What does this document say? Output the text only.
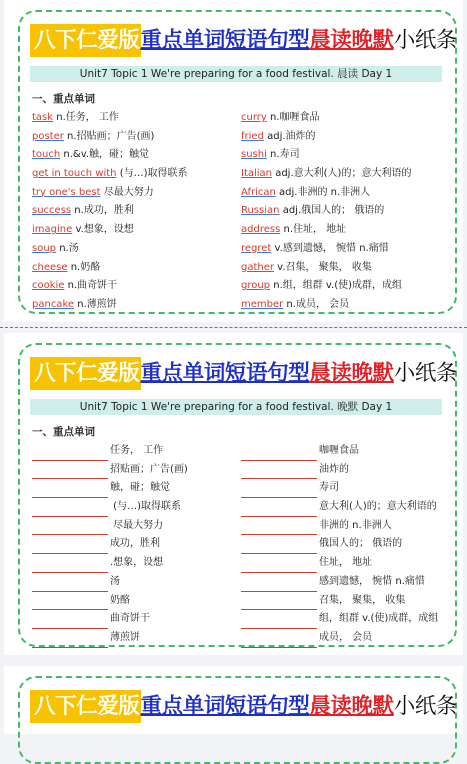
八下仁爱版重点单词短语句型晨读晚默小纸条
Unit7 Topic 1 We're preparing for a food festival. 晨读 Day 1
一、重点单词
task n.任务， 工作
poster n.招贴画；广告(画)
touch n.&v.触，碰；触觉
get in touch with (与…)取得联系
try one's best 尽最大努力
success n.成功，胜利
imagine v.想象，设想
soup n.汤
cheese n.奶酪
cookie n.曲奇饼干
pancake n.薄煎饼
curry n.咖喱食品
fried adj.油炸的
sushi n.寿司
Italian adj.意大利(人)的；意大利语的
African adj.非洲的 n.非洲人
Russian adj.俄国人的； 俄语的
address n.住址， 地址
regret v.感到遗憾， 惋惜 n.痛惜
gather v.召集， 聚集， 收集
group n.组，组群 v.(使)成群，成组
member n.成员， 会员
八下仁爱版重点单词短语句型晨读晚默小纸条
Unit7 Topic 1 We're preparing for a food festival. 晚默 Day 1
一、重点单词
任务， 工作
招贴画；广告(画)
触，碰；触觉
(与…)取得联系
尽最大努力
成功，胜利
.想象，设想
汤
奶酪
曲奇饼干
薄煎饼
咖喱食品
油炸的
寿司
意大利(人)的；意大利语的
非洲的 n.非洲人
俄国人的； 俄语的
住址， 地址
感到遗憾， 惋惜 n.痛惜
召集， 聚集， 收集
组，组群 v.(使)成群，成组
成员， 会员
八下仁爱版重点单词短语句型晨读晚默小纸条
